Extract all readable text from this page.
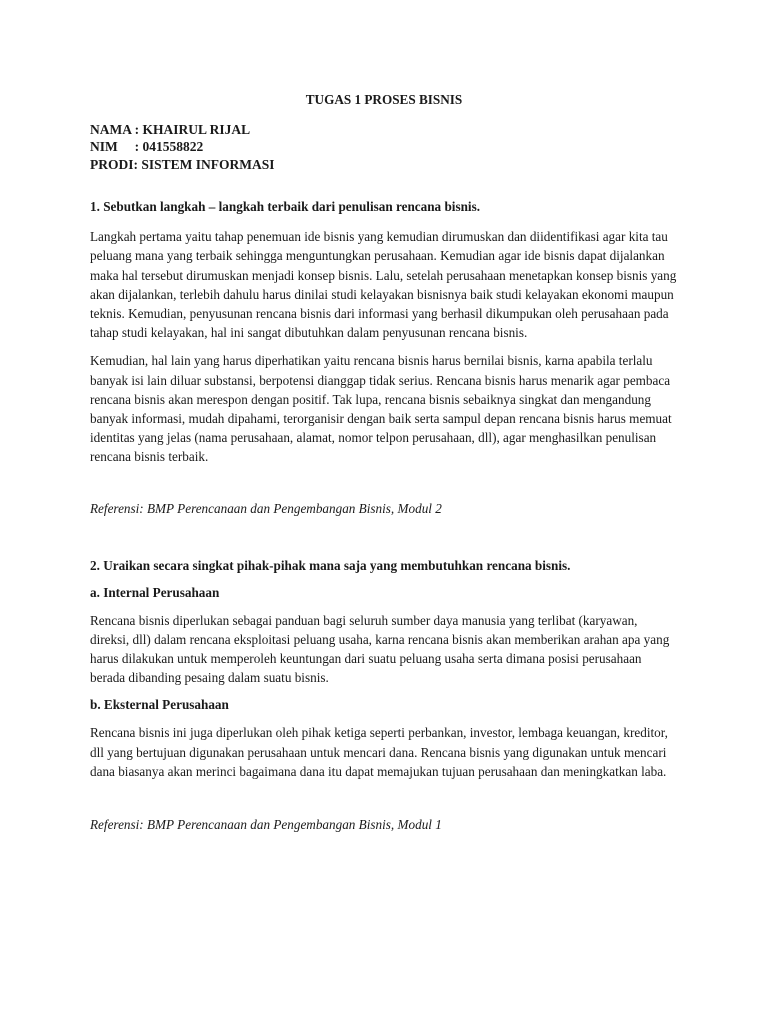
TUGAS 1 PROSES BISNIS
NAMA : KHAIRUL RIJAL
NIM     : 041558822
PRODI: SISTEM INFORMASI
1. Sebutkan langkah – langkah terbaik dari penulisan rencana bisnis.

Langkah pertama yaitu tahap penemuan ide bisnis yang kemudian dirumuskan dan diidentifikasi agar kita tau peluang mana yang terbaik sehingga menguntungkan perusahaan. Kemudian agar ide bisnis dapat dijalankan maka hal tersebut dirumuskan menjadi konsep bisnis. Lalu, setelah perusahaan menetapkan konsep bisnis yang akan dijalankan, terlebih dahulu harus dinilai studi kelayakan bisnisnya baik studi kelayakan ekonomi maupun teknis. Kemudian, penyusunan rencana bisnis dari informasi yang berhasil dikumpukan oleh perusahaan pada tahap studi kelayakan, hal ini sangat dibutuhkan dalam penyusunan rencana bisnis.

Kemudian, hal lain yang harus diperhatikan yaitu rencana bisnis harus bernilai bisnis, karna apabila terlalu banyak isi lain diluar substansi, berpotensi dianggap tidak serius. Rencana bisnis harus menarik agar pembaca rencana bisnis akan merespon dengan positif. Tak lupa, rencana bisnis sebaiknya singkat dan mengandung banyak informasi, mudah dipahami, terorganisir dengan baik serta sampul depan rencana bisnis harus memuat identitas yang jelas (nama perusahaan, alamat, nomor telpon perusahaan, dll), agar menghasilkan penulisan rencana bisnis terbaik.

Referensi: BMP Perencanaan dan Pengembangan Bisnis, Modul 2
2. Uraikan secara singkat pihak-pihak mana saja yang membutuhkan rencana bisnis.
a. Internal Perusahaan

Rencana bisnis diperlukan sebagai panduan bagi seluruh sumber daya manusia yang terlibat (karyawan, direksi, dll) dalam rencana eksploitasi peluang usaha, karna rencana bisnis akan memberikan arahan apa yang harus dilakukan untuk memperoleh keuntungan dari suatu peluang usaha serta dimana posisi perusahaan berada dibanding pesaing dalam suatu bisnis.

b. Eksternal Perusahaan

Rencana bisnis ini juga diperlukan oleh pihak ketiga seperti perbankan, investor, lembaga keuangan, kreditor, dll yang bertujuan digunakan perusahaan untuk mencari dana. Rencana bisnis yang digunakan untuk mencari dana biasanya akan merinci bagaimana dana itu dapat memajukan tujuan perusahaan dan meningkatkan laba.

Referensi: BMP Perencanaan dan Pengembangan Bisnis, Modul 1
